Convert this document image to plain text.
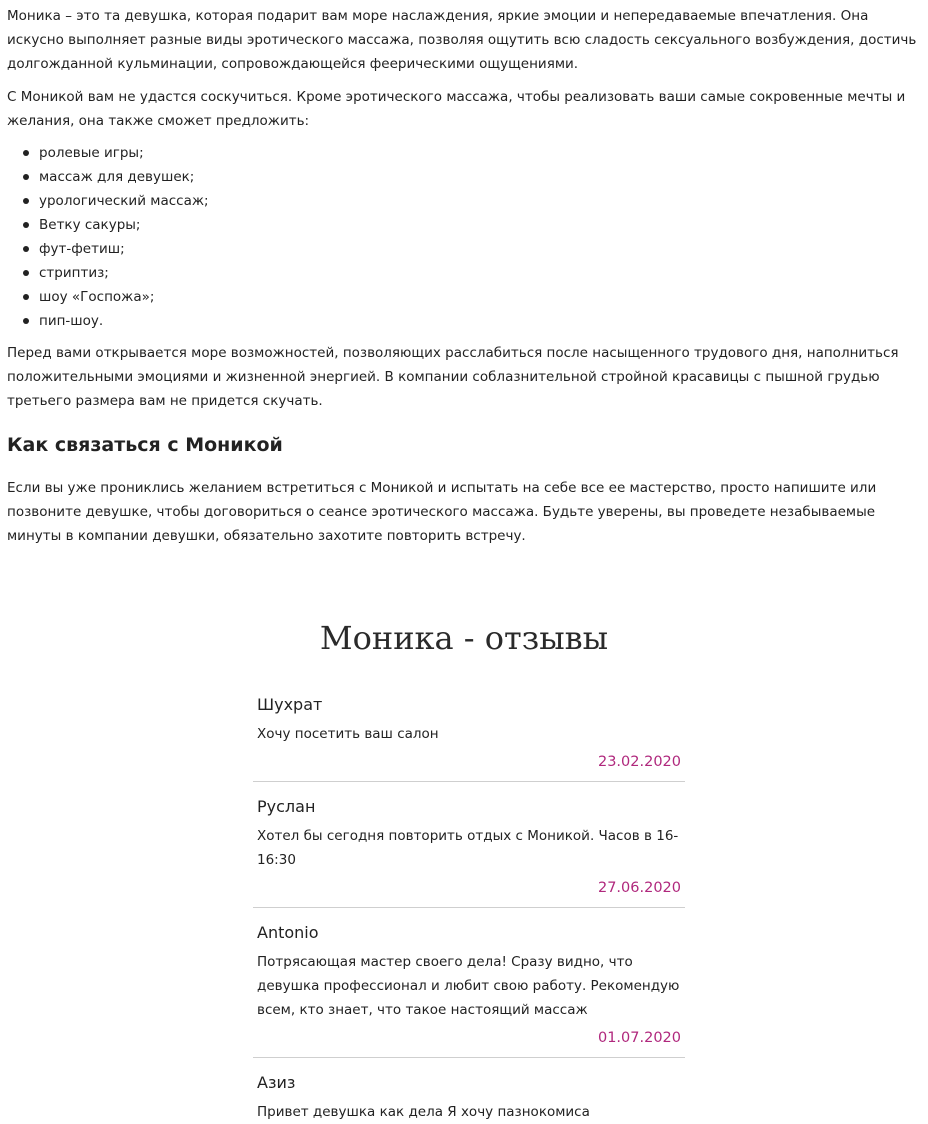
Моника – это та девушка, которая подарит вам море наслаждения, яркие эмоции и непередаваемые впечатления. Она искусно выполняет разные виды эротического массажа, позволяя ощутить всю сладость сексуального возбуждения, достичь долгожданной кульминации, сопровождающейся феерическими ощущениями.

С Моникой вам не удастся соскучиться. Кроме эротического массажа, чтобы реализовать ваши самые сокровенные мечты и желания, она также сможет предложить:

ролевые игры;
массаж для девушек;
урологический массаж;
Ветку сакуры;
фут-фетиш;
стриптиз;
шоу «Госпожа»;
пип-шоу.

Перед вами открывается море возможностей, позволяющих расслабиться после насыщенного трудового дня, наполниться положительными эмоциями и жизненной энергией. В компании соблазнительной стройной красавицы с пышной грудью третьего размера вам не придется скучать.

Как связаться с Моникой

Если вы уже прониклись желанием встретиться с Моникой и испытать на себе все ее мастерство, просто напишите или позвоните девушке, чтобы договориться о сеансе эротического массажа. Будьте уверены, вы проведете незабываемые минуты в компании девушки, обязательно захотите повторить встречу.

Моника - отзывы

Шухрат

Хочу посетить ваш салон

23.02.2020

Руслан

Хотел бы сегодня повторить отдых с Моникой. Часов в 16-16:30

27.06.2020

Antonio

Потрясающая мастер своего дела! Сразу видно, что девушка профессионал и любит свою работу. Рекомендую всем, кто знает, что такое настоящий массаж

01.07.2020

Азиз

Привет девушка как дела Я хочу пазнокомиса
